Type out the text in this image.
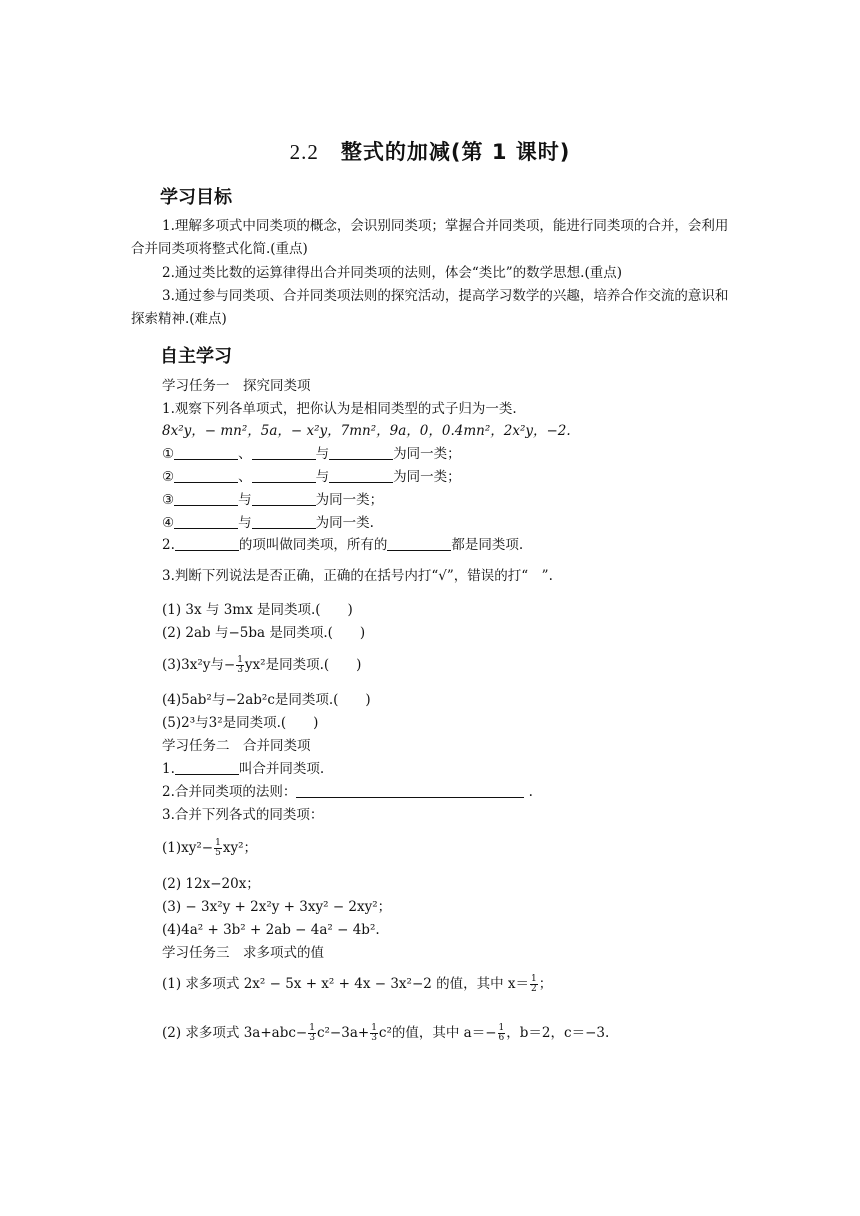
2.2 整式的加减(第 1 课时)
学习目标
1.理解多项式中同类项的概念，会识别同类项；掌握合并同类项，能进行同类项的合并，会利用合并同类项将整式化简.(重点)
2.通过类比数的运算律得出合并同类项的法则，体会“类比”的数学思想.(重点)
3.通过参与同类项、合并同类项法则的探究活动，提高学习数学的兴趣，培养合作交流的意识和探索精神.(难点)
自主学习
学习任务一　探究同类项
1.观察下列各单项式，把你认为是相同类型的式子归为一类.
8x²y，− mn²，5a，− x²y，7mn²，9a，0，0.4mn²，2x²y，−2.
①	、	与	为同一类；
②	、	与	为同一类；
③	与	为同一类；
④	与	为同一类.
2.	的项叫做同类项，所有的	都是同类项.
3.判断下列说法是否正确，正确的在括号内打“√”，错误的打“　”.
(1) 3x 与 3mx 是同类项.(　　)
(2) 2ab 与−5ba 是同类项.(　　)
(3)3x²y与− $\frac{1}{3} yx^2$是同类项.(　　)
(4)5ab²与−2ab²c是同类项.(　　)
(5)2³与3²是同类项.(　　)
学习任务二　合并同类项
1.	叫合并同类项.
2.合并同类项的法则：	.
3.合并下列各式的同类项：
$(1)xy^2- \frac{1}{5} xy^2$；
(2) 12x−20x；
(3) − 3x²y + 2x²y + 3xy² − 2xy²；
(4)4a² + 3b² + 2ab − 4a² − 4b².
学习任务三　求多项式的值
(1) 求多项式 2x² − 5x + x² + 4x − 3x²−2 的值，其中 $x= \frac{1}{2}$ ；
(2) 求多项式 $3a+abc- \frac{1}{3} c^2-3a+ \frac{1}{3} c^2$的值，其中 $a=- \frac{1}{6}$ ，b＝2，c＝−3.
